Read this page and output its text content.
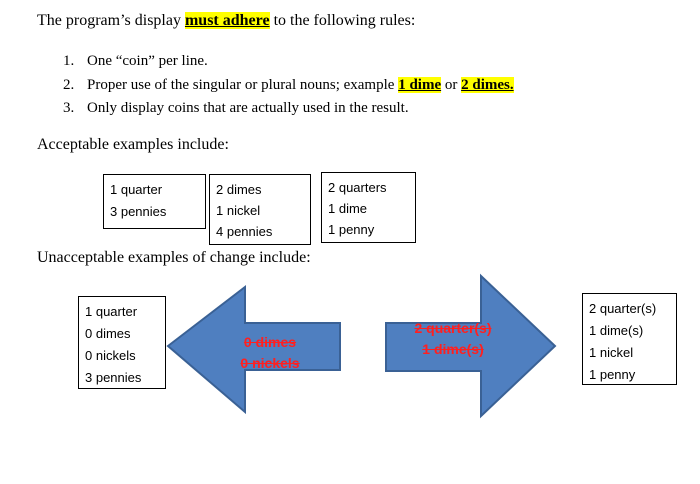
The program’s display must adhere to the following rules:
1. One “coin” per line.
2. Proper use of the singular or plural nouns; example 1 dime or 2 dimes.
3. Only display coins that are actually used in the result.
Acceptable examples include:
1 quarter
3 pennies
2 dimes
1 nickel
4 pennies
2 quarters
1 dime
1 penny
Unacceptable examples of change include:
0 dimes
0 nickels
2 quarter(s)
1 dime(s)
1 quarter
0 dimes
0 nickels
3 pennies
2 quarter(s)
1 dime(s)
1 nickel
1 penny
